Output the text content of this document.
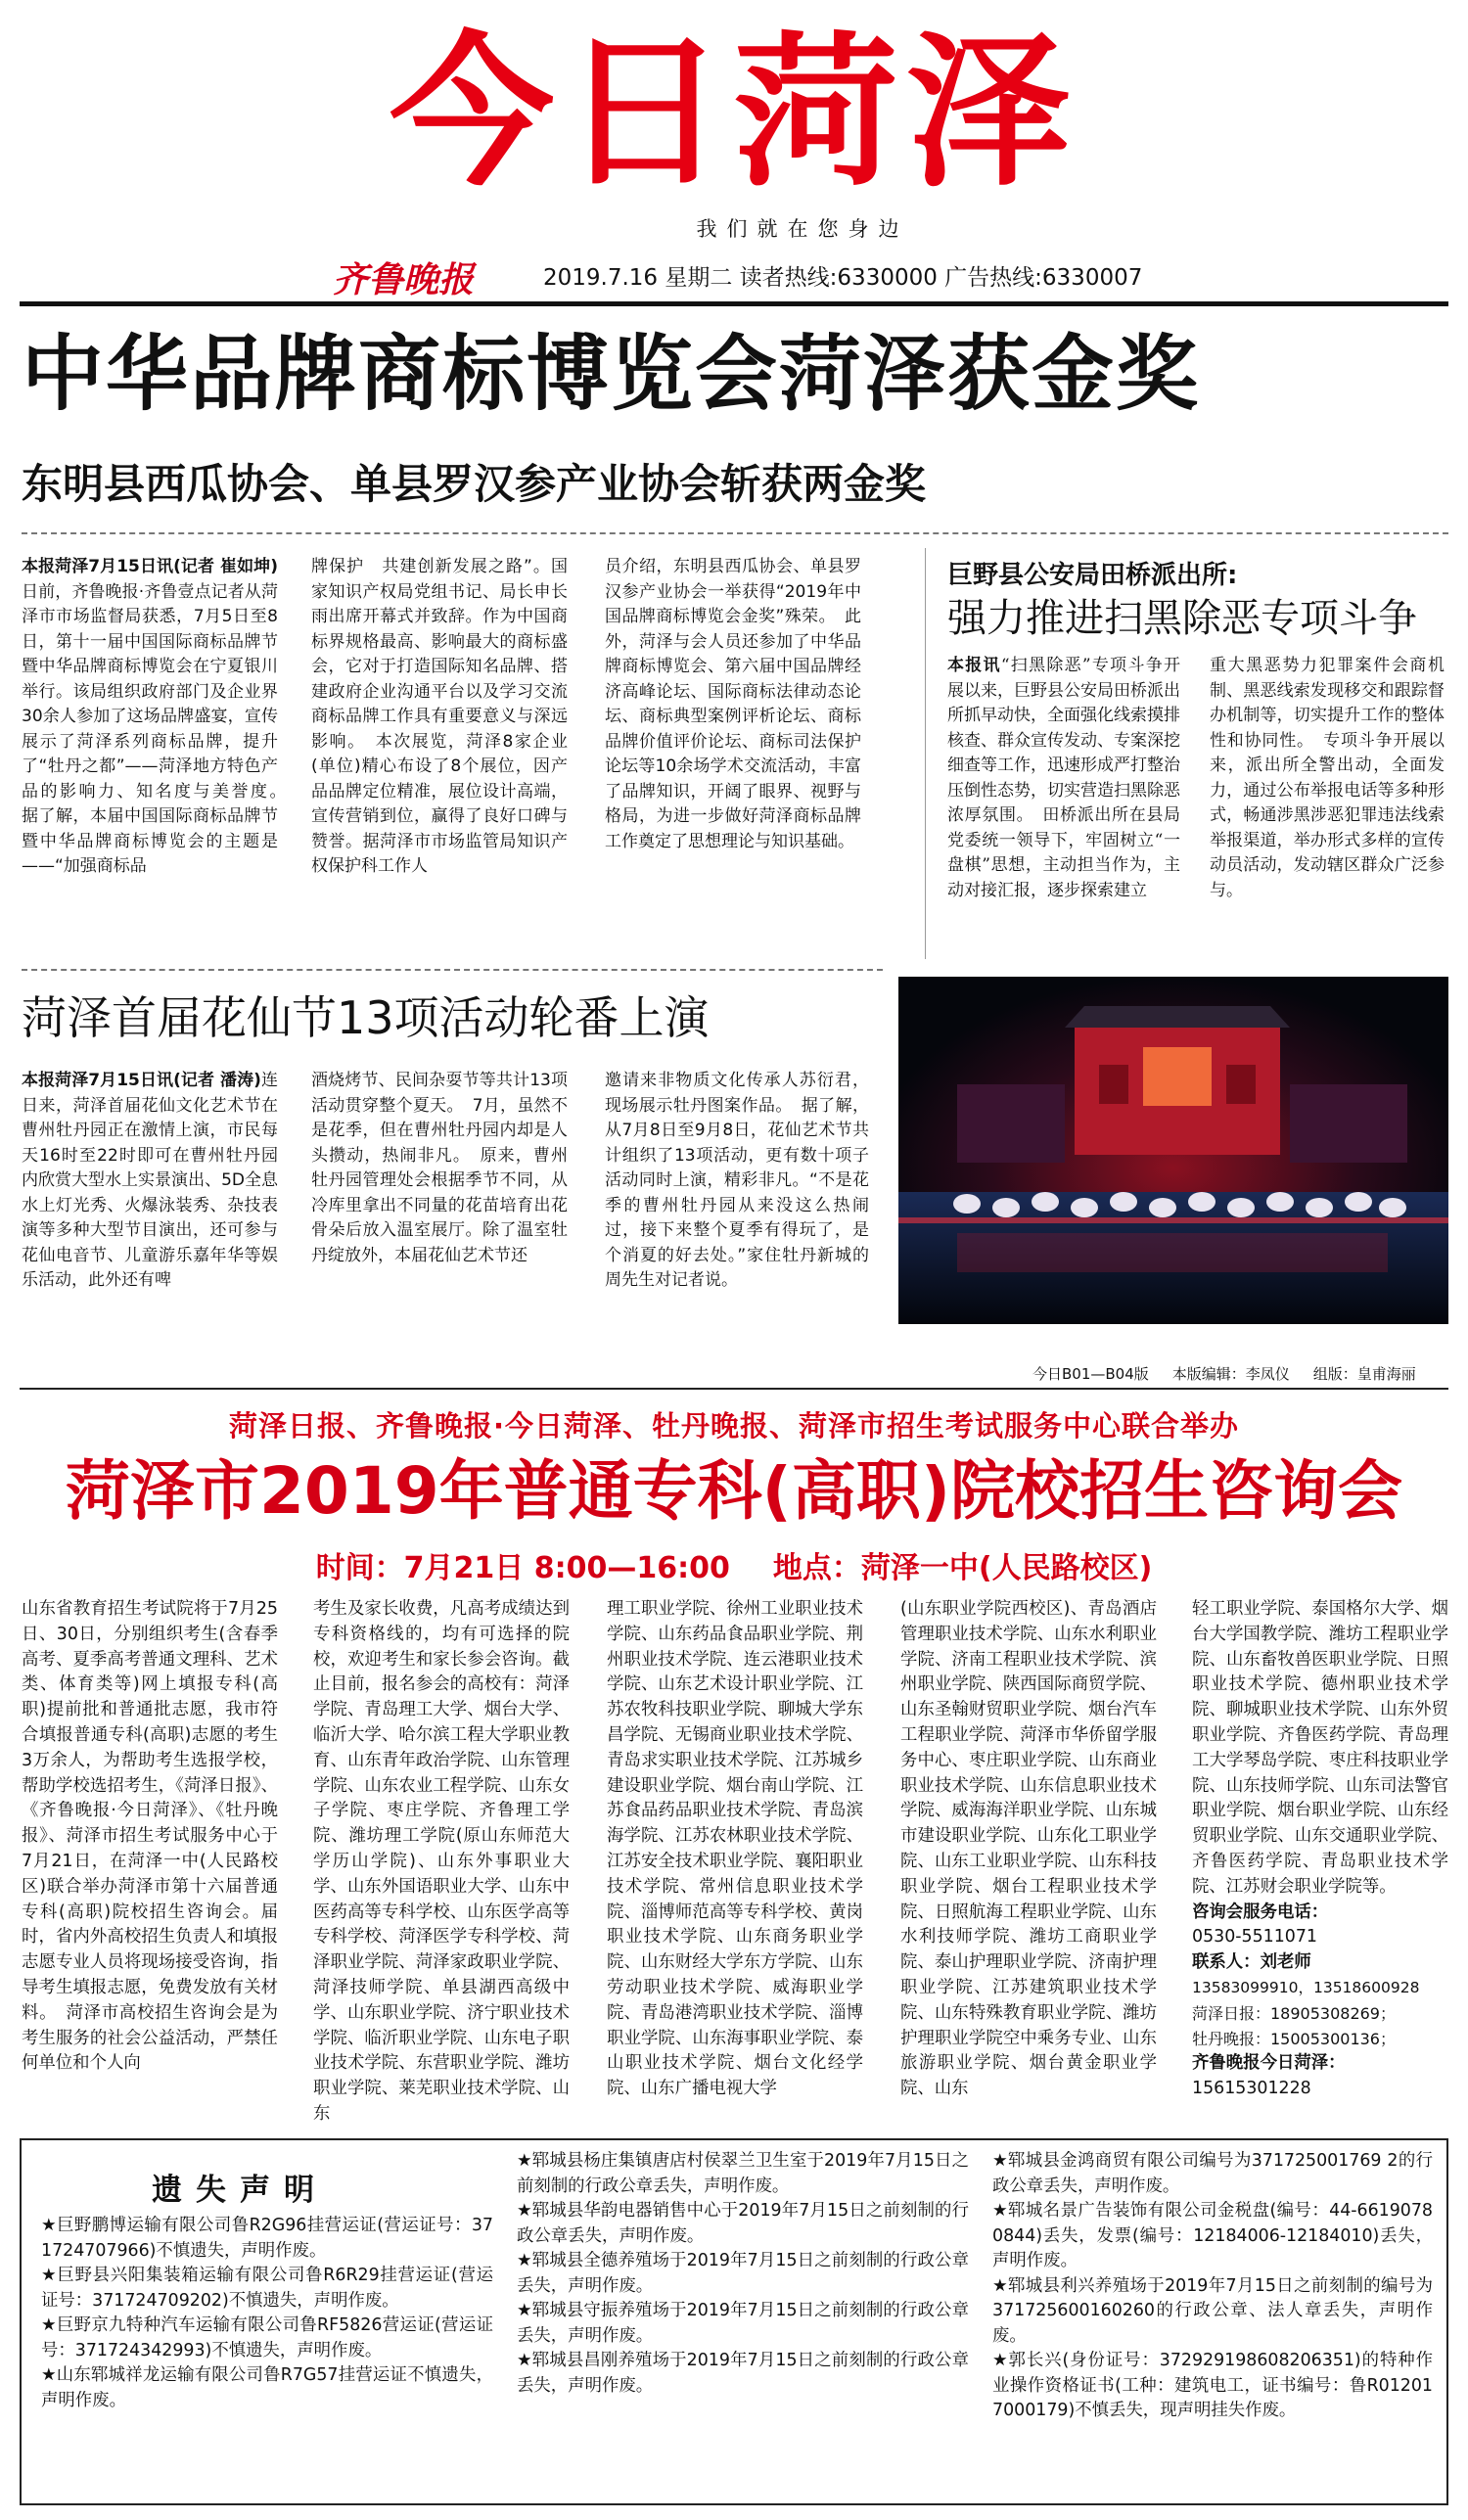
今日菏泽
我们就在您身边
齐鲁晚报	2019.7.16 星期二 读者热线:6330000 广告热线:6330007
中华品牌商标博览会菏泽获金奖
东明县西瓜协会、单县罗汉参产业协会斩获两金奖
本报菏泽7月15日讯(记者 崔如坤)日前，齐鲁晚报·齐鲁壹点记者从菏泽市市场监督局获悉，7月5日至8日，第十一届中国国际商标品牌节暨中华品牌商标博览会在宁夏银川举行。该局组织政府部门及企业界30余人参加了这场品牌盛宴，宣传展示了菏泽系列商标品牌，提升了“牡丹之都”——菏泽地方特色产品的影响力、知名度与美誉度。　据了解，本届中国国际商标品牌节暨中华品牌商标博览会的主题是——“加强商标品
牌保护　共建创新发展之路”。国家知识产权局党组书记、局长申长雨出席开幕式并致辞。作为中国商标界规格最高、影响最大的商标盛会，它对于打造国际知名品牌、搭建政府企业沟通平台以及学习交流商标品牌工作具有重要意义与深远影响。　本次展览，菏泽8家企业(单位)精心布设了8个展位，因产品品牌定位精准，展位设计高端，宣传营销到位，赢得了良好口碑与赞誉。据菏泽市市场监管局知识产权保护科工作人
员介绍，东明县西瓜协会、单县罗汉参产业协会一举获得“2019年中国品牌商标博览会金奖”殊荣。　此外，菏泽与会人员还参加了中华品牌商标博览会、第六届中国品牌经济高峰论坛、国际商标法律动态论坛、商标典型案例评析论坛、商标品牌价值评价论坛、商标司法保护论坛等10余场学术交流活动，丰富了品牌知识，开阔了眼界、视野与格局，为进一步做好菏泽商标品牌工作奠定了思想理论与知识基础。
巨野县公安局田桥派出所:
强力推进扫黑除恶专项斗争
本报讯“扫黑除恶”专项斗争开展以来，巨野县公安局田桥派出所抓早动快，全面强化线索摸排核查、群众宣传发动、专案深挖细查等工作，迅速形成严打整治压倒性态势，切实营造扫黑除恶浓厚氛围。　田桥派出所在县局党委统一领导下，牢固树立“一盘棋”思想，主动担当作为，主动对接汇报，逐步探索建立
重大黑恶势力犯罪案件会商机制、黑恶线索发现移交和跟踪督办机制等，切实提升工作的整体性和协同性。　专项斗争开展以来，派出所全警出动，全面发力，通过公布举报电话等多种形式，畅通涉黑涉恶犯罪违法线索举报渠道，举办形式多样的宣传动员活动，发动辖区群众广泛参与。
菏泽首届花仙节13项活动轮番上演
本报菏泽7月15日讯(记者 潘涛)连日来，菏泽首届花仙文化艺术节在曹州牡丹园正在激情上演，市民每天16时至22时即可在曹州牡丹园内欣赏大型水上实景演出、5D全息水上灯光秀、火爆泳装秀、杂技表演等多种大型节目演出，还可参与花仙电音节、儿童游乐嘉年华等娱乐活动，此外还有啤
酒烧烤节、民间杂耍节等共计13项活动贯穿整个夏天。　7月，虽然不是花季，但在曹州牡丹园内却是人头攒动，热闹非凡。　原来，曹州牡丹园管理处会根据季节不同，从冷库里拿出不同量的花苗培育出花骨朵后放入温室展厅。除了温室牡丹绽放外，本届花仙艺术节还
邀请来非物质文化传承人苏衍君，现场展示牡丹图案作品。　据了解，从7月8日至9月8日，花仙艺术节共计组织了13项活动，更有数十项子活动同时上演，精彩非凡。“不是花季的曹州牡丹园从来没这么热闹过，接下来整个夏季有得玩了，是个消夏的好去处。”家住牡丹新城的周先生对记者说。
今日B01—B04版 本版编辑：李凤仪 组版：皇甫海丽
菏泽日报、齐鲁晚报·今日菏泽、牡丹晚报、菏泽市招生考试服务中心联合举办
菏泽市2019年普通专科(高职)院校招生咨询会
时间：7月21日 8:00—16:00 地点：菏泽一中(人民路校区)
山东省教育招生考试院将于7月25日、30日，分别组织考生(含春季高考、夏季高考普通文理科、艺术类、体育类等)网上填报专科(高职)提前批和普通批志愿，我市符合填报普通专科(高职)志愿的考生3万余人，为帮助考生选报学校，帮助学校选招考生，《菏泽日报》、《齐鲁晚报·今日菏泽》、《牡丹晚报》、菏泽市招生考试服务中心于7月21日，在菏泽一中(人民路校区)联合举办菏泽市第十六届普通专科(高职)院校招生咨询会。届时，省内外高校招生负责人和填报志愿专业人员将现场接受咨询，指导考生填报志愿，免费发放有关材料。　菏泽市高校招生咨询会是为考生服务的社会公益活动，严禁任何单位和个人向
考生及家长收费，凡高考成绩达到专科资格线的，均有可选择的院校，欢迎考生和家长参会咨询。截止目前，报名参会的高校有：菏泽学院、青岛理工大学、烟台大学、临沂大学、哈尔滨工程大学职业教育、山东青年政治学院、山东管理学院、山东农业工程学院、山东女子学院、枣庄学院、齐鲁理工学院、潍坊理工学院(原山东师范大学历山学院)、山东外事职业大学、山东外国语职业大学、山东中医药高等专科学校、山东医学高等专科学校、菏泽医学专科学校、菏泽职业学院、菏泽家政职业学院、菏泽技师学院、单县湖西高级中学、山东职业学院、济宁职业技术学院、临沂职业学院、山东电子职业技术学院、东营职业学院、潍坊职业学院、莱芜职业技术学院、山东
理工职业学院、徐州工业职业技术学院、山东药品食品职业学院、荆州职业技术学院、连云港职业技术学院、山东艺术设计职业学院、江苏农牧科技职业学院、聊城大学东昌学院、无锡商业职业技术学院、青岛求实职业技术学院、江苏城乡建设职业学院、烟台南山学院、江苏食品药品职业技术学院、青岛滨海学院、江苏农林职业技术学院、江苏安全技术职业学院、襄阳职业技术学院、常州信息职业技术学院、淄博师范高等专科学校、黄岗职业技术学院、山东商务职业学院、山东财经大学东方学院、山东劳动职业技术学院、威海职业学院、青岛港湾职业技术学院、淄博职业学院、山东海事职业学院、泰山职业技术学院、烟台文化经学院、山东广播电视大学
(山东职业学院西校区)、青岛酒店管理职业技术学院、山东水利职业学院、济南工程职业技术学院、滨州职业学院、陕西国际商贸学院、山东圣翰财贸职业学院、烟台汽车工程职业学院、菏泽市华侨留学服务中心、枣庄职业学院、山东商业职业技术学院、山东信息职业技术学院、威海海洋职业学院、山东城市建设职业学院、山东化工职业学院、山东工业职业学院、山东科技职业学院、烟台工程职业技术学院、日照航海工程职业学院、山东水利技师学院、潍坊工商职业学院、泰山护理职业学院、济南护理职业学院、江苏建筑职业技术学院、山东特殊教育职业学院、潍坊护理职业学院空中乘务专业、山东旅游职业学院、烟台黄金职业学院、山东
轻工职业学院、泰国格尔大学、烟台大学国教学院、潍坊工程职业学院、山东畜牧兽医职业学院、日照职业技术学院、德州职业技术学院、聊城职业技术学院、山东外贸职业学院、齐鲁医药学院、青岛理工大学琴岛学院、枣庄科技职业学院、山东技师学院、山东司法警官职业学院、烟台职业学院、山东经贸职业学院、山东交通职业学院、齐鲁医药学院、青岛职业技术学院、江苏财会职业学院等。
咨询会服务电话：
0530-5511071
联系人：刘老师
13583099910，13518600928
菏泽日报：18905308269；
牡丹晚报：15005300136；
齐鲁晚报今日菏泽：
15615301228
遗失声明

★巨野鹏博运输有限公司鲁R2G96挂营运证(营运证号：371724707966)不慎遗失，声明作废。

★巨野县兴阳集装箱运输有限公司鲁R6R29挂营运证(营运证号：371724709202)不慎遗失，声明作废。

★巨野京九特种汽车运输有限公司鲁RF5826营运证(营运证号：371724342993)不慎遗失，声明作废。

★山东郓城祥龙运输有限公司鲁R7G57挂营运证不慎遗失，声明作废。

★郓城县杨庄集镇唐店村侯翠兰卫生室于2019年7月15日之前刻制的行政公章丢失，声明作废。

★郓城县华韵电器销售中心于2019年7月15日之前刻制的行政公章丢失，声明作废。

★郓城县全德养殖场于2019年7月15日之前刻制的行政公章丢失，声明作废。

★郓城县守振养殖场于2019年7月15日之前刻制的行政公章丢失，声明作废。

★郓城县昌刚养殖场于2019年7月15日之前刻制的行政公章丢失，声明作废。

★郓城县金鸿商贸有限公司编号为371725001769 2的行政公章丢失，声明作废。

★郓城名景广告装饰有限公司金税盘(编号：44-66190780844)丢失，发票(编号：12184006-12184010)丢失，声明作废。

★郓城县利兴养殖场于2019年7月15日之前刻制的编号为371725600160260的行政公章、法人章丢失，声明作废。

★郭长兴(身份证号：372929198608206351)的特种作业操作资格证书(工种：建筑电工，证书编号：鲁R012017000179)不慎丢失，现声明挂失作废。
